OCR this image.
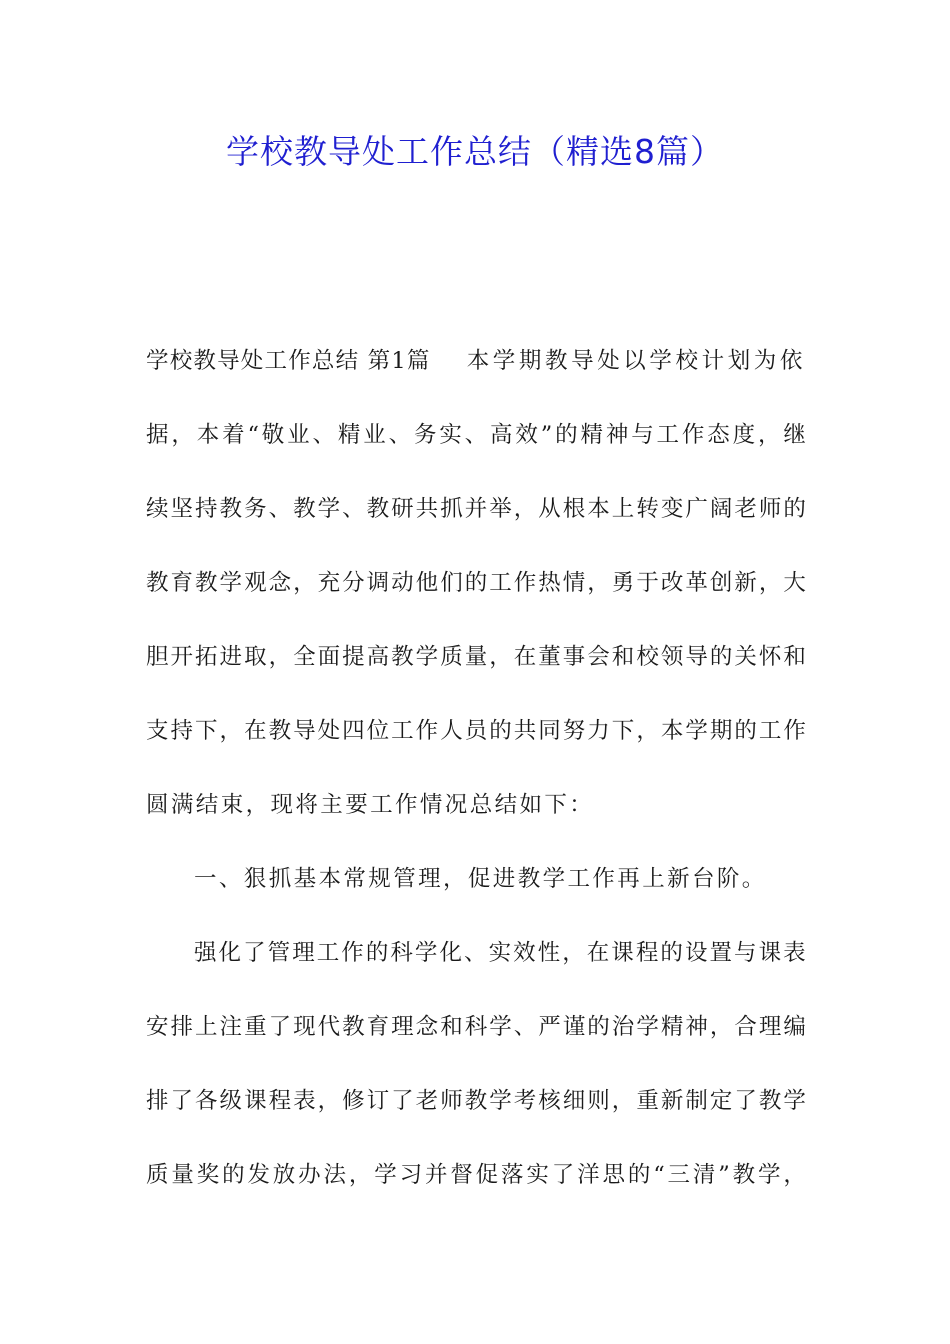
学校教导处工作总结（精选8篇）
学校教导处工作总结 第1篇 本学期教导处以学校计划为依
据 ， 本 着 “ 敬 业 、 精 业 、 务 实 、 高 效 ” 的 精 神 与 工 作 态 度 ， 继
续 坚 持 教 务 、 教 学 、 教 研 共 抓 并 举 ， 从 根 本 上 转 变 广 阔 老 师 的
教 育 教 学 观 念 ， 充 分 调 动 他 们 的 工 作 热 情 ， 勇 于 改 革 创 新 ， 大
胆 开 拓 进 取 ， 全 面 提 高 教 学 质 量 ， 在 董 事 会 和 校 领 导 的 关 怀 和
支 持 下 ， 在 教 导 处 四 位 工 作 人 员 的 共 同 努 力 下 ， 本 学 期 的 工 作
圆满结束，现将主要工作情况总结如下：
一、狠抓基本常规管理，促进教学工作再上新台阶。
强 化 了 管 理 工 作 的 科 学 化 、 实 效 性 ， 在 课 程 的 设 置 与 课 表
安 排 上 注 重 了 现 代 教 育 理 念 和 科 学 、 严 谨 的 治 学 精 神 ， 合 理 编
排 了 各 级 课 程 表 ， 修 订 了 老 师 教 学 考 核 细 则 ， 重 新 制 定 了 教 学
质 量 奖 的 发 放 办 法 ， 学 习 并 督 促 落 实 了 洋 思 的 “ 三 清 ” 教 学 ，
